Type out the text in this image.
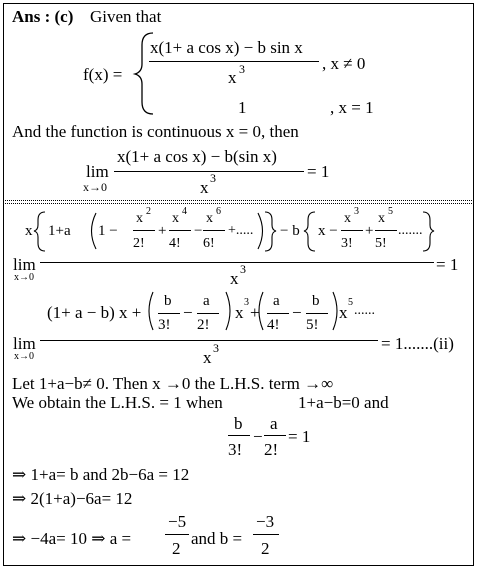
Ans : (c) Given that
f(x) =
x(1+ a cos x) − b sin x
x 3	, x ≠ 0
1	, x = 1
And the function is continuous x = 0, then
lim
x→0
x(1+ a cos x) − b(sin x)
x 3	= 1
x 1+a 1 −
x 2
2!
+
x 4
4!
−
x 6
6!
+..... − b x −
x 3
3!
+
x 5
5!
.......
lim
x→0	x 3	= 1
(1+ a − b) x +
b
3!
−
a
2!
x
3
+
a
4!
−
b
5!
x
5
......
lim
x→0	x 3	= 1.......(ii)
Let 1+a−b≠ 0. Then x →0 the L.H.S. term →∞
We obtain the L.H.S. = 1 when	1+a−b=0 and
b
3!
−
a
2!
= 1
⇒ 1+a= b and 2b−6a = 12
⇒ 2(1+a)−6a= 12
⇒ −4a= 10 ⇒ a =
−5
2
and b =
−3
2
